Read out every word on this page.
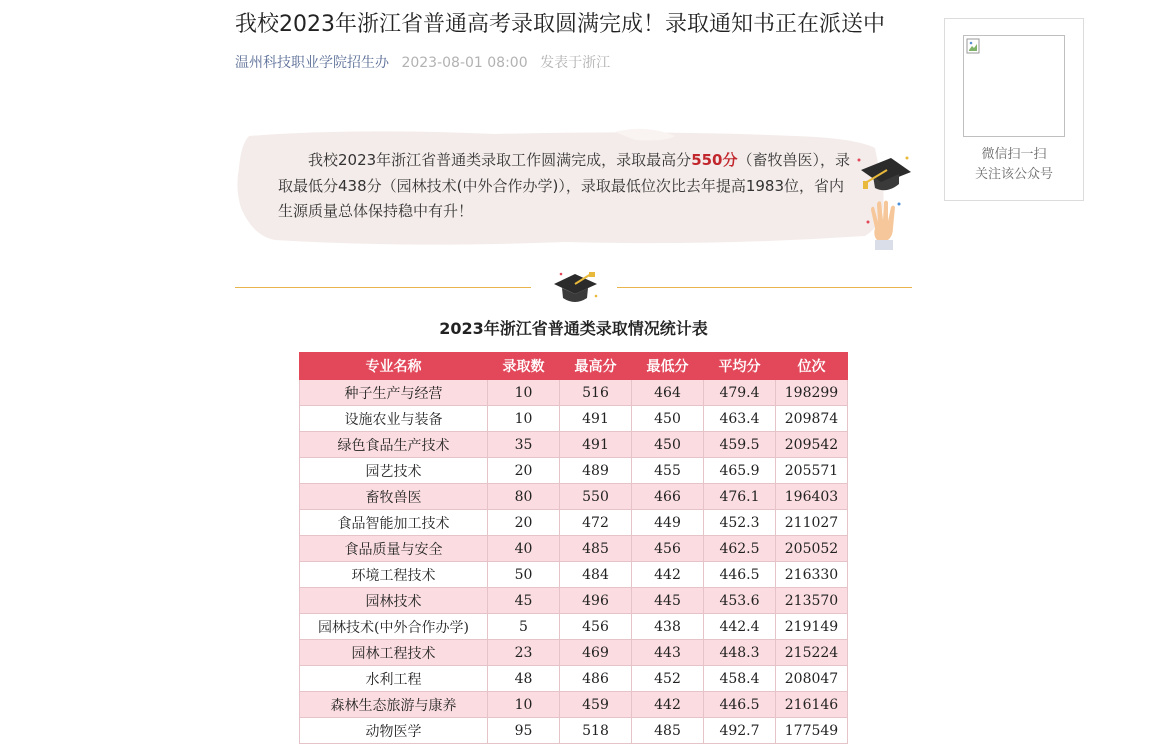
我校2023年浙江省普通高考录取圆满完成！录取通知书正在派送中
温州科技职业学院招生办 2023-08-01 08:00 发表于浙江

我校2023年浙江省普通类录取工作圆满完成，录取最高分550分（畜牧兽医），录取最低分438分（园林技术(中外合作办学)），录取最低位次比去年提高1983位，省内生源质量总体保持稳中有升！

2023年浙江省普通类录取情况统计表
专业名称	录取数	最高分	最低分	平均分	位次
种子生产与经营	10	516	464	479.4	198299
设施农业与装备	10	491	450	463.4	209874
绿色食品生产技术	35	491	450	459.5	209542
园艺技术	20	489	455	465.9	205571
畜牧兽医	80	550	466	476.1	196403
食品智能加工技术	20	472	449	452.3	211027
食品质量与安全	40	485	456	462.5	205052
环境工程技术	50	484	442	446.5	216330
园林技术	45	496	445	453.6	213570
园林技术(中外合作办学)	5	456	438	442.4	219149
园林工程技术	23	469	443	448.3	215224
水利工程	48	486	452	458.4	208047
森林生态旅游与康养	10	459	442	446.5	216146
动物医学	95	518	485	492.7	177549
微信扫一扫
关注该公众号
